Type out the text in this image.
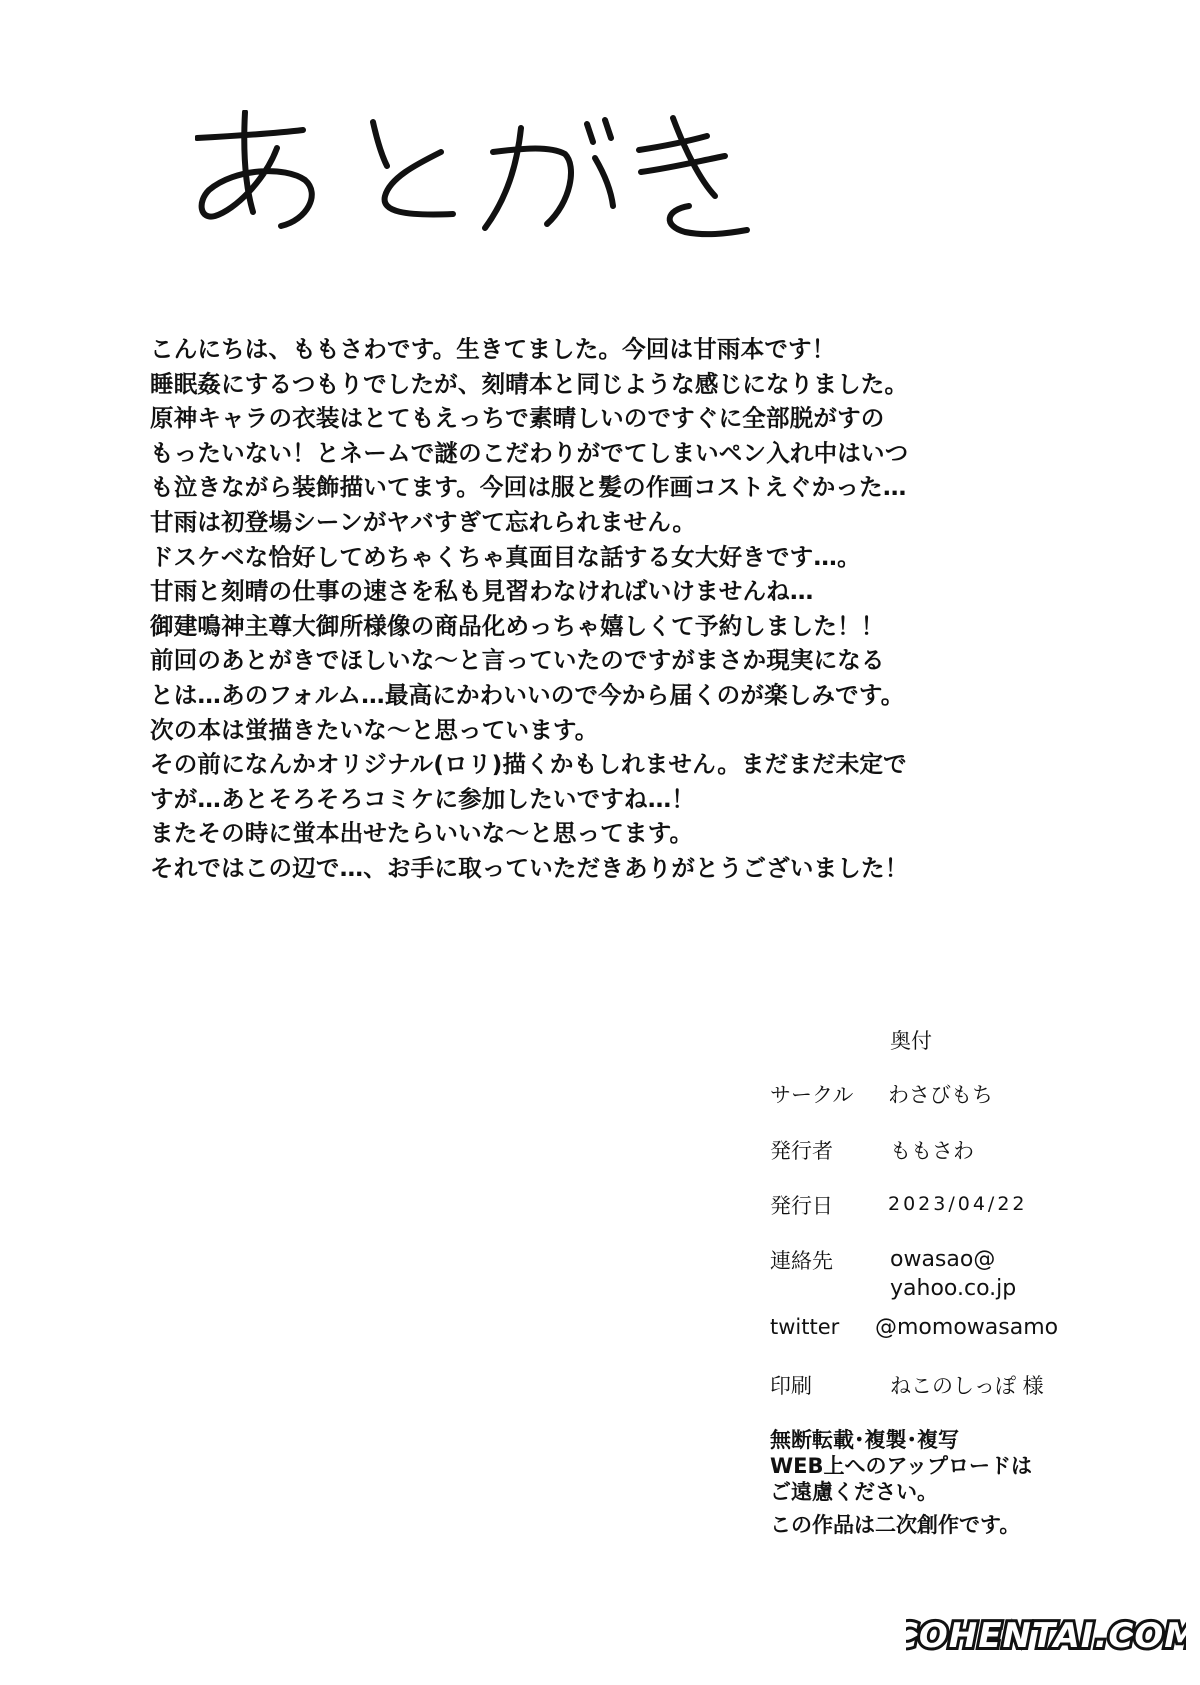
こんにちは、ももさわです。生きてました。今回は甘雨本です！
睡眠姦にするつもりでしたが、刻晴本と同じような感じになりました。
原神キャラの衣装はとてもえっちで素晴しいのですぐに全部脱がすの
もったいない！とネームで謎のこだわりがでてしまいペン入れ中はいつ
も泣きながら装飾描いてます。今回は服と髪の作画コストえぐかった…
甘雨は初登場シーンがヤバすぎて忘れられません。
ドスケベな恰好してめちゃくちゃ真面目な話する女大好きです…。
甘雨と刻晴の仕事の速さを私も見習わなければいけませんね…
御建鳴神主尊大御所様像の商品化めっちゃ嬉しくて予約しました！！
前回のあとがきでほしいな～と言っていたのですがまさか現実になる
とは…あのフォルム…最高にかわいいので今から届くのが楽しみです。
次の本は蛍描きたいな～と思っています。
その前になんかオリジナル(ロリ)描くかもしれません。まだまだ未定で
すが…あとそろそろコミケに参加したいですね…！
またその時に蛍本出せたらいいな～と思ってます。
それではこの辺で…、お手に取っていただきありがとうございました！
奥付
サークル わさびもち
発行者	ももさわ
発行日	2023/04/22
連絡先	owasao@
yahoo.co.jp
twitter @momowasamo
印刷	ねこのしっぽ 様
無断転載･複製･複写
WEB上へのアップロードは
ご遠慮ください。
この作品は二次創作です。
COHENTAI.COM
